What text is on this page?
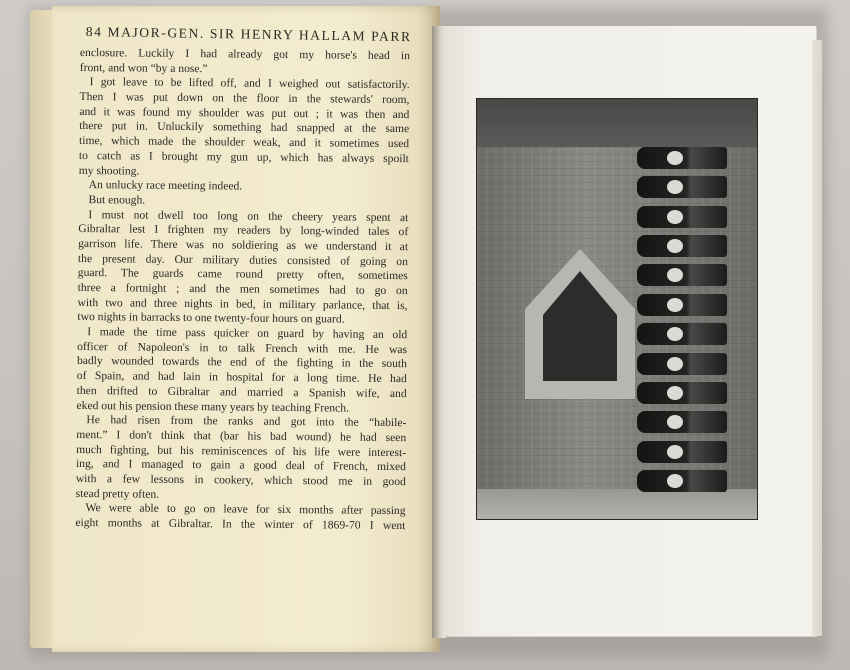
84 MAJOR-GEN. SIR HENRY HALLAM PARR
enclosure. Luckily I had already got my horse's head in
front, and won “by a nose.”
I got leave to be lifted off, and I weighed out satisfactorily.
Then I was put down on the floor in the stewards' room,
and it was found my shoulder was put out ; it was then and
there put in. Unluckily something had snapped at the same
time, which made the shoulder weak, and it sometimes used
to catch as I brought my gun up, which has always spoilt
my shooting.
An unlucky race meeting indeed.
But enough.
I must not dwell too long on the cheery years spent at
Gibraltar lest I frighten my readers by long-winded tales of
garrison life. There was no soldiering as we understand it at
the present day. Our military duties consisted of going on
guard. The guards came round pretty often, sometimes
three a fortnight ; and the men sometimes had to go on
with two and three nights in bed, in military parlance, that is,
two nights in barracks to one twenty-four hours on guard.
I made the time pass quicker on guard by having an old
officer of Napoleon's in to talk French with me. He was
badly wounded towards the end of the fighting in the south
of Spain, and had lain in hospital for a long time. He had
then drifted to Gibraltar and married a Spanish wife, and
eked out his pension these many years by teaching French.
He had risen from the ranks and got into the “habile-
ment.” I don't think that (bar his bad wound) he had seen
much fighting, but his reminiscences of his life were interest-
ing, and I managed to gain a good deal of French, mixed
with a few lessons in cookery, which stood me in good
stead pretty often.
We were able to go on leave for six months after passing
eight months at Gibraltar. In the winter of 1869-70 I went
